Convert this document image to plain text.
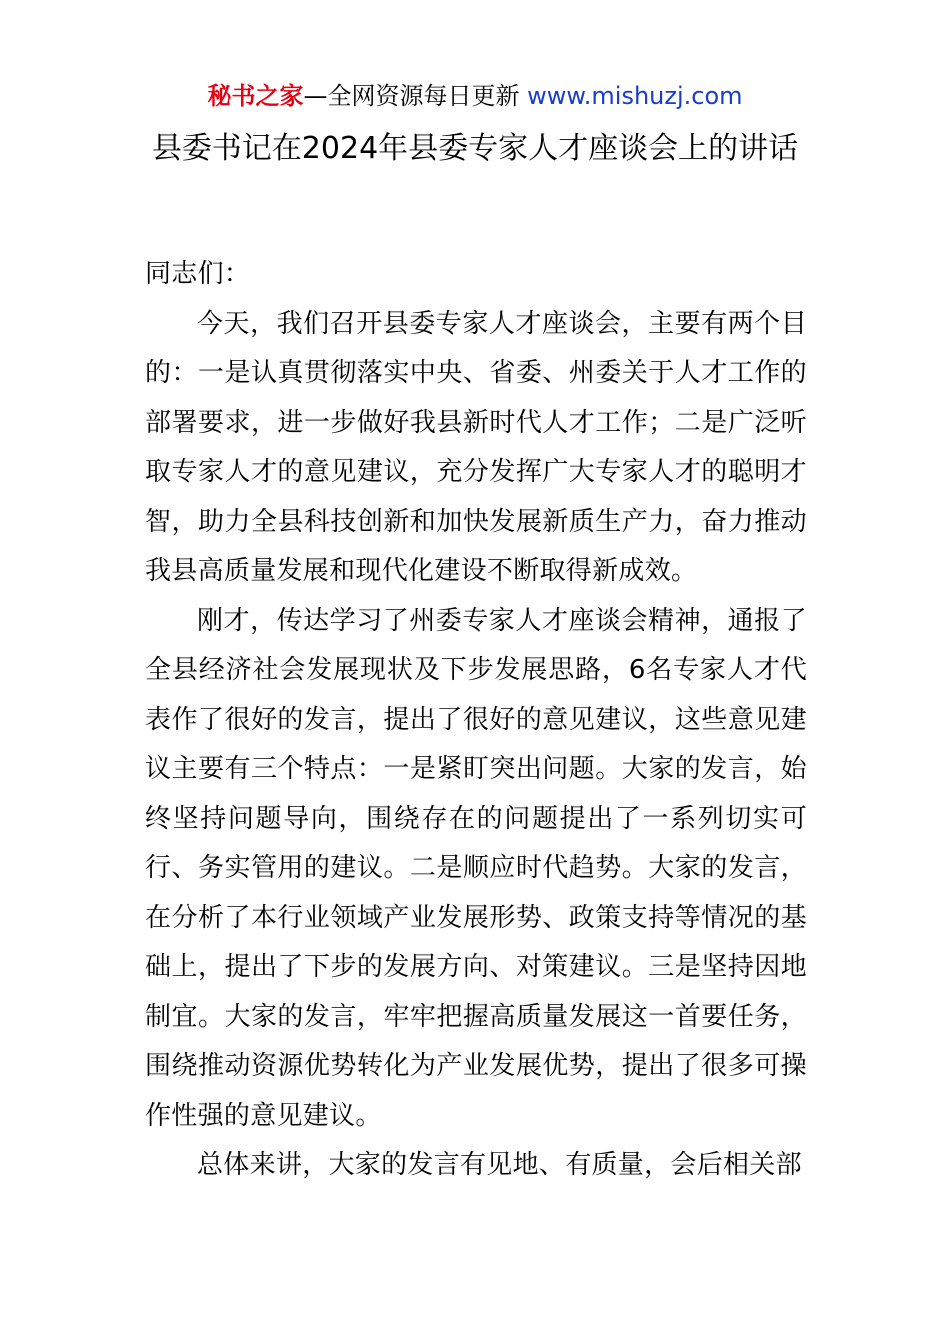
秘书之家—全网资源每日更新 www.mishuzj.com
县委书记在2024年县委专家人才座谈会上的讲话

同志们：

今天，我们召开县委专家人才座谈会，主要有两个目的：一是认真贯彻落实中央、省委、州委关于人才工作的部署要求，进一步做好我县新时代人才工作；二是广泛听取专家人才的意见建议，充分发挥广大专家人才的聪明才智，助力全县科技创新和加快发展新质生产力，奋力推动我县高质量发展和现代化建设不断取得新成效。

刚才，传达学习了州委专家人才座谈会精神，通报了全县经济社会发展现状及下步发展思路，6名专家人才代表作了很好的发言，提出了很好的意见建议，这些意见建议主要有三个特点：一是紧盯突出问题。大家的发言，始终坚持问题导向，围绕存在的问题提出了一系列切实可行、务实管用的建议。二是顺应时代趋势。大家的发言，在分析了本行业领域产业发展形势、政策支持等情况的基础上，提出了下步的发展方向、对策建议。三是坚持因地制宜。大家的发言，牢牢把握高质量发展这一首要任务，围绕推动资源优势转化为产业发展优势，提出了很多可操作性强的意见建议。

总体来讲，大家的发言有见地、有质量，会后相关部
